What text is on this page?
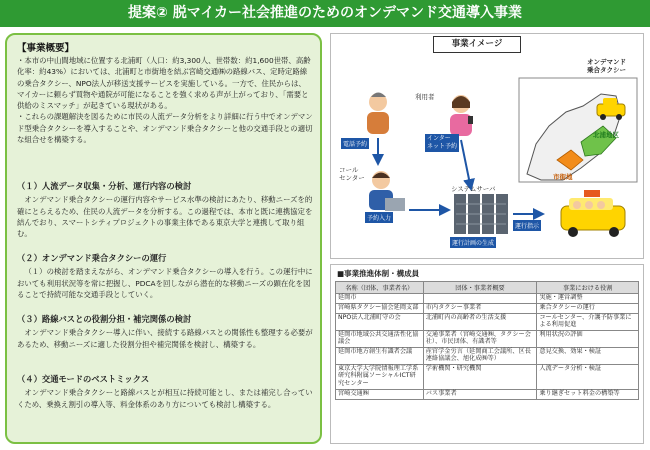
提案② 脱マイカー社会推進のためのオンデマンド交通導入事業
【事業概要】

・本市の中山間地域に位置する北浦町（人口：約3,300人、世帯数：約1,600世帯、高齢化率：約43%）においては、北浦町と市街地を結ぶ宮崎交通㈱の路線バス、定時定路線の乗合タクシー、NPO法人が移送支援サービスを実施している。一方で、住民からは、マイカーに頼らず買物や通院が可能になることを強く求める声が上がっており、「需要と供給のミスマッチ」が起きている現状がある。

・これらの課題解決を図るために市民の人流データ分析をより詳細に行う中でオンデマンド型乗合タクシーを導入することや、オンデマンド乗合タクシーと他の交通手段との適切な組合せを構築する。

（１）人流データ収集・分析、運行内容の検討

オンデマンド乗合タクシーの運行内容やサービス水準の検討にあたり、移動ニーズを的確にとらえるため、住民の人流データを分析する。この過程では、本市と既に連携協定を結んでおり、スマートシティプロジェクトの事業主体である東京大学と連携して取り組む。

（２）オンデマンド乗合タクシーの運行

（１）の検討を踏まえながら、オンデマンド乗合タクシーの導入を行う。この運行中においても利用状況等を常に把握し、PDCAを回しながら潜在的な移動ニーズの顕在化を図ることで持続可能な交通手段としていく。

（３）路線バスとの役割分担・補完関係の検討

オンデマンド乗合タクシー導入に伴い、接続する路線バスとの関係性も整理する必要があるため、移動ニーズに適した役割分担や補完関係を検討し、構築する。

（４）交通モードのベストミックス

オンデマンド乗合タクシーと路線バスとが相互に持続可能とし、または補完し合っていくため、乗換え割引の導入等、料金体系のあり方についても検討し構築する。

事業イメージ
利用者
電話予約
インター
ネット予約
コール
センター
予約入力
システムサーバ
運行計画の生成
運行指示
オンデマンド
乗合タクシー
北浦地区
市街地
■事業推進体制・構成員
名称（団体、事業者名）	団体・事業者概要	事業における役割
延岡市		実施・運営調整
宮崎県タクシー協会延岡支部	市内タクシー事業者	乗合タクシーの運行
NPO法人北浦町守の会	北浦町内の高齢者の生活支援	コールセンター、介護予防事業による利用促進
延岡市地域公共交通活性化協議会	交通事業者（宮崎交通㈱、タクシー会社）、市民団体、有識者等	利用状況の評価
延岡市地方創生有識者会議	産官学金労言（延岡商工会議所、区長連絡協議会、旭化成㈱等）	意見交換、効果・検証
東京大学大学院情報理工学系研究科附属ソーシャルICT研究センター	学術機関・研究機関	人流データ分析・検証
宮崎交通㈱	バス事業者	乗り継ぎセット料金の構築等
